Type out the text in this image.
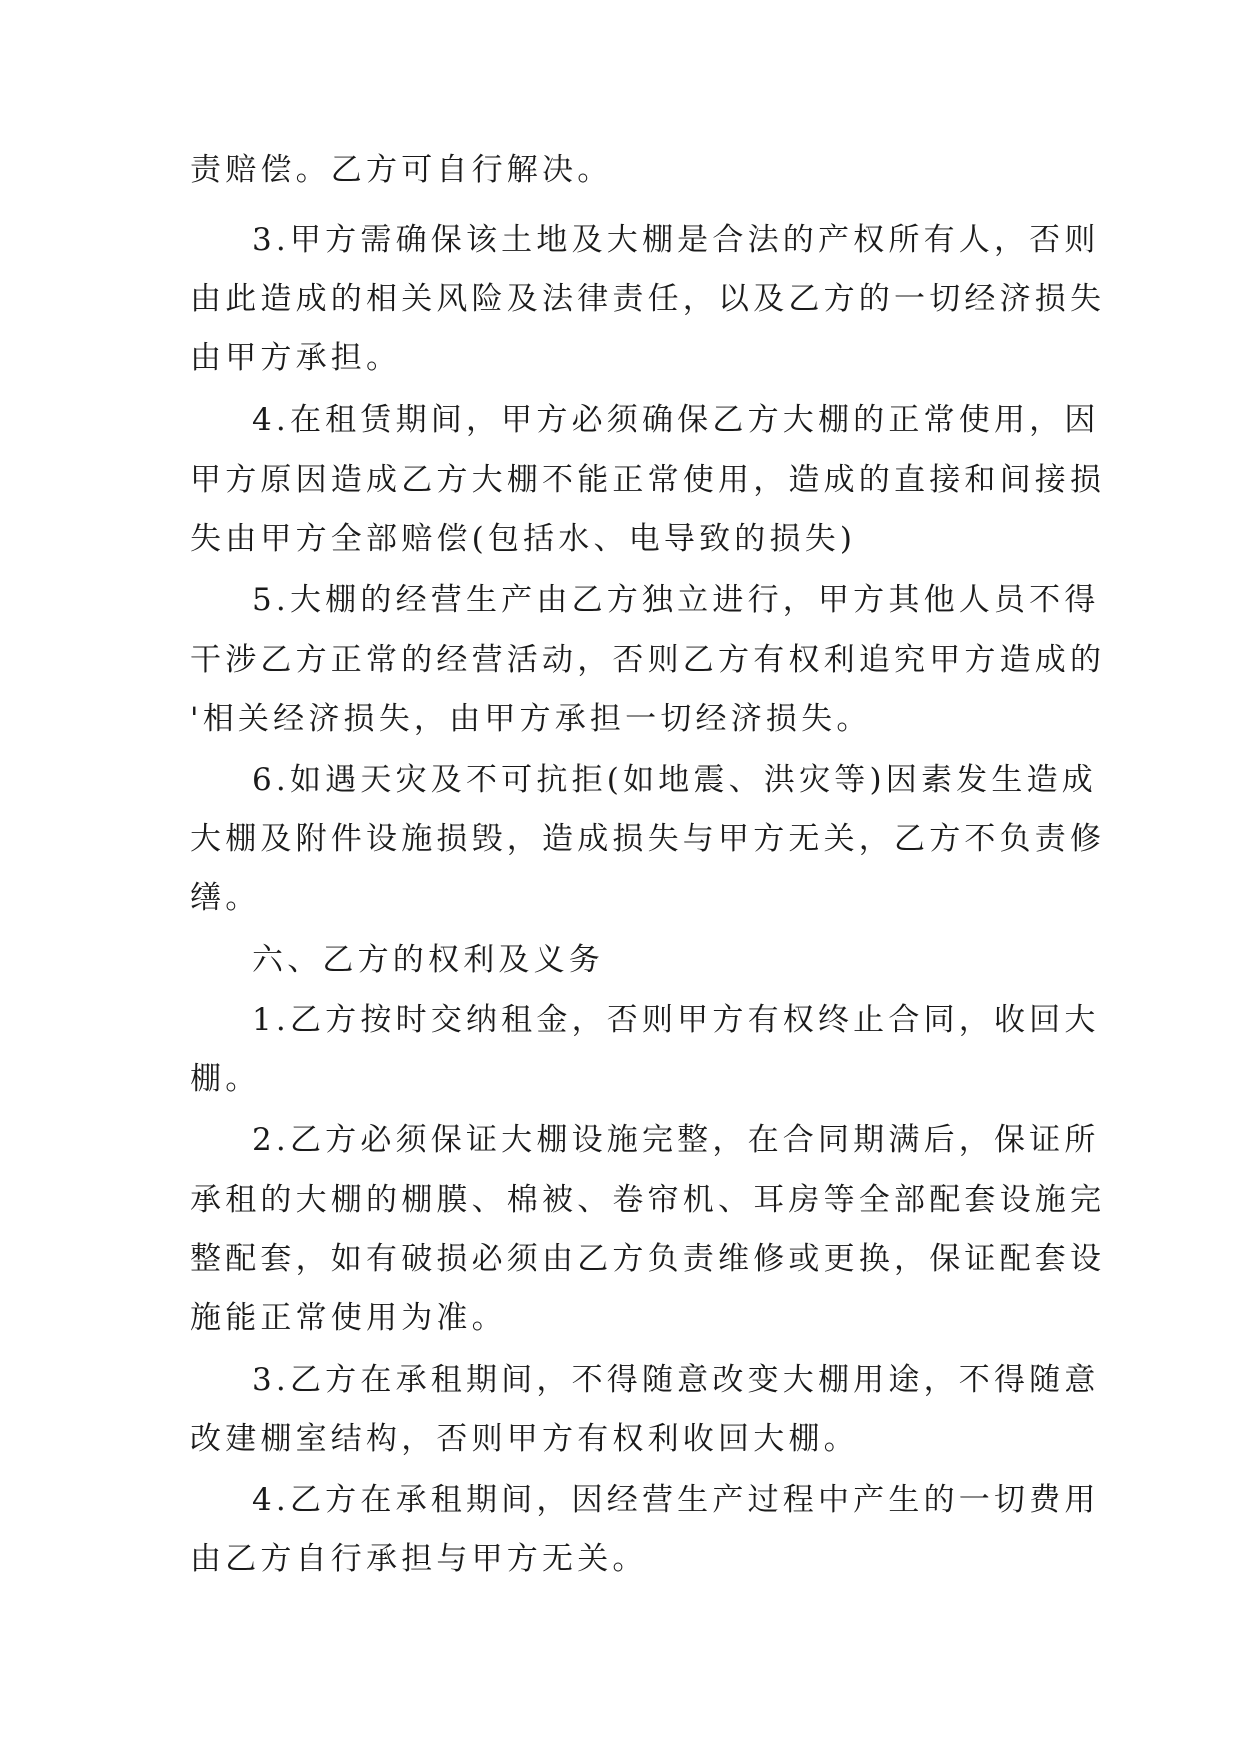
责赔偿。乙方可自行解决。
3.甲方需确保该土地及大棚是合法的产权所有人，否则
由此造成的相关风险及法律责任，以及乙方的一切经济损失
由甲方承担。
4.在租赁期间，甲方必须确保乙方大棚的正常使用，因
甲方原因造成乙方大棚不能正常使用，造成的直接和间接损
失由甲方全部赔偿(包括水、电导致的损失)
5.大棚的经营生产由乙方独立进行，甲方其他人员不得
干涉乙方正常的经营活动，否则乙方有权利追究甲方造成的
'相关经济损失，由甲方承担一切经济损失。
6.如遇天灾及不可抗拒(如地震、洪灾等)因素发生造成
大棚及附件设施损毁，造成损失与甲方无关，乙方不负责修
缮。
六、乙方的权利及义务
1.乙方按时交纳租金，否则甲方有权终止合同，收回大
棚。
2.乙方必须保证大棚设施完整，在合同期满后，保证所
承租的大棚的棚膜、棉被、卷帘机、耳房等全部配套设施完
整配套，如有破损必须由乙方负责维修或更换，保证配套设
施能正常使用为准。
3.乙方在承租期间，不得随意改变大棚用途，不得随意
改建棚室结构，否则甲方有权利收回大棚。
4.乙方在承租期间，因经营生产过程中产生的一切费用
由乙方自行承担与甲方无关。
